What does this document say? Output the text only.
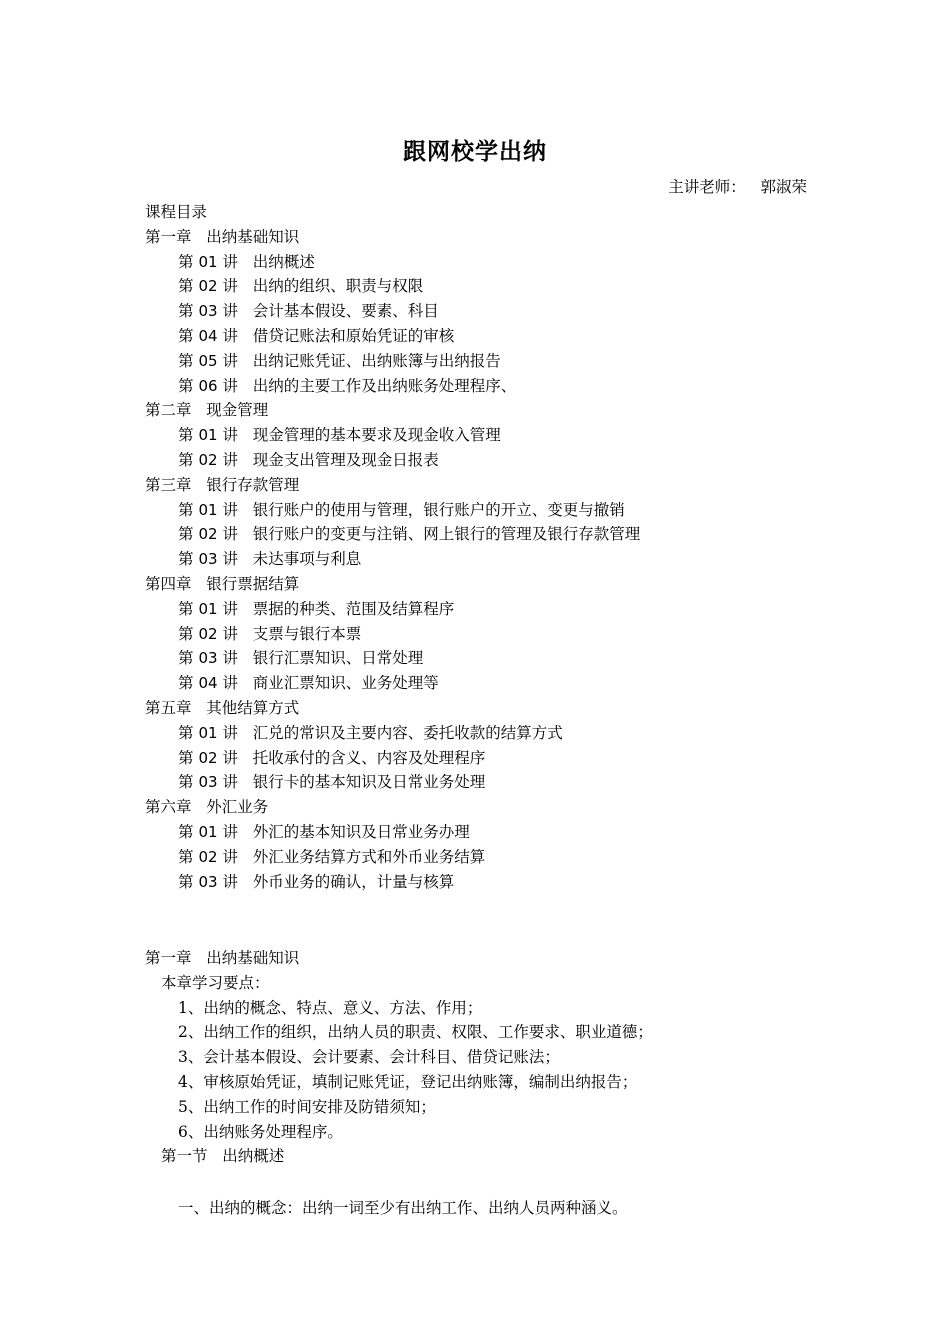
跟网校学出纳
主讲老师： 郭淑荣
课程目录
第一章 出纳基础知识
第 01 讲 出纳概述
第 02 讲 出纳的组织、职责与权限
第 03 讲 会计基本假设、要素、科目
第 04 讲 借贷记账法和原始凭证的审核
第 05 讲 出纳记账凭证、出纳账簿与出纳报告
第 06 讲 出纳的主要工作及出纳账务处理程序、
第二章 现金管理
第 01 讲 现金管理的基本要求及现金收入管理
第 02 讲 现金支出管理及现金日报表
第三章 银行存款管理
第 01 讲 银行账户的使用与管理，银行账户的开立、变更与撤销
第 02 讲 银行账户的变更与注销、网上银行的管理及银行存款管理
第 03 讲 未达事项与利息
第四章 银行票据结算
第 01 讲 票据的种类、范围及结算程序
第 02 讲 支票与银行本票
第 03 讲 银行汇票知识、日常处理
第 04 讲 商业汇票知识、业务处理等
第五章 其他结算方式
第 01 讲 汇兑的常识及主要内容、委托收款的结算方式
第 02 讲 托收承付的含义、内容及处理程序
第 03 讲 银行卡的基本知识及日常业务处理
第六章 外汇业务
第 01 讲 外汇的基本知识及日常业务办理
第 02 讲 外汇业务结算方式和外币业务结算
第 03 讲 外币业务的确认，计量与核算
第一章 出纳基础知识
本章学习要点：
1、出纳的概念、特点、意义、方法、作用；
2、出纳工作的组织，出纳人员的职责、权限、工作要求、职业道德；
3、会计基本假设、会计要素、会计科目、借贷记账法；
4、审核原始凭证，填制记账凭证，登记出纳账簿，编制出纳报告；
5、出纳工作的时间安排及防错须知；
6、出纳账务处理程序。
第一节 出纳概述
一、出纳的概念：出纳一词至少有出纳工作、出纳人员两种涵义。
